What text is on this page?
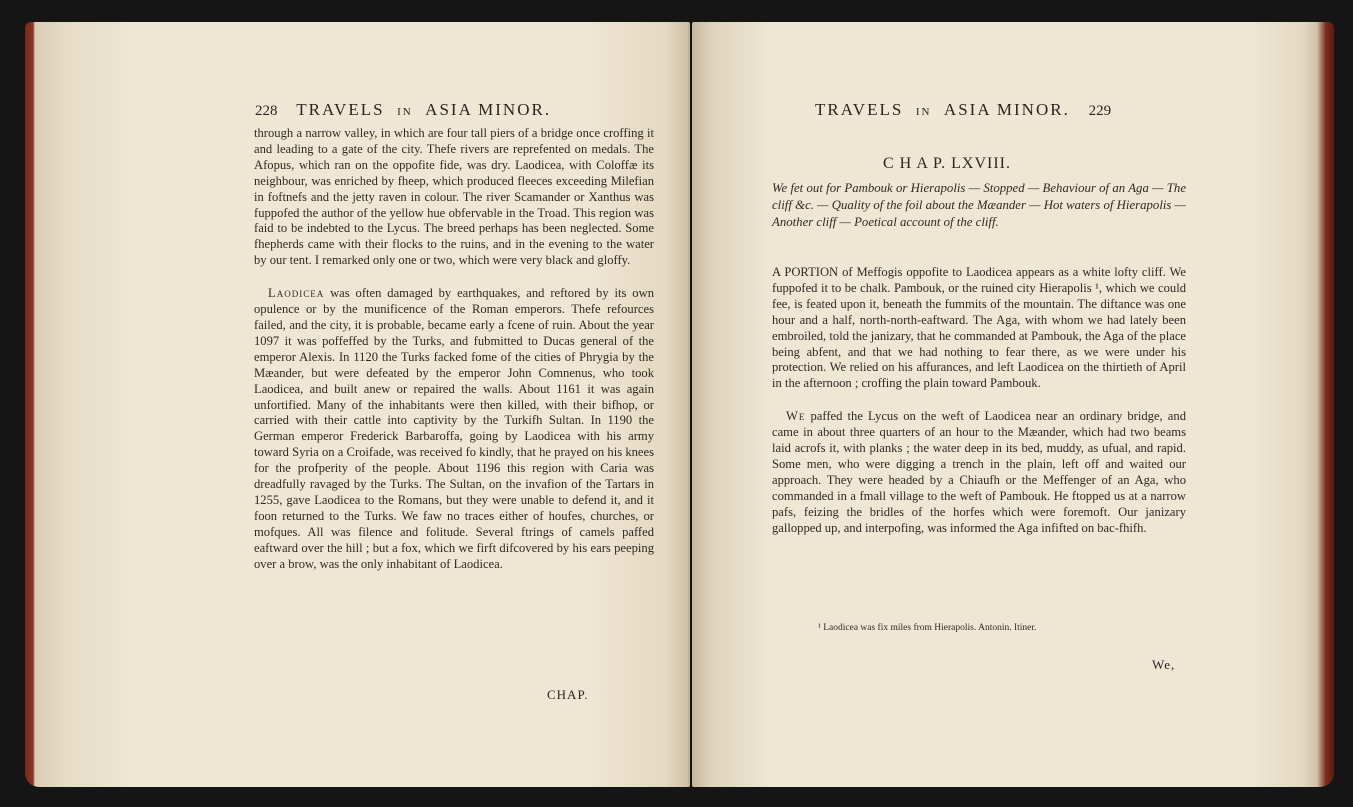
228 TRAVELS IN ASIA MINOR.

through a narrow valley, in which are four tall piers of a bridge once croffing it and leading to a gate of the city. Thefe rivers are reprefented on medals. The Afopus, which ran on the oppofite fide, was dry. Laodicea, with Coloffæ its neighbour, was enriched by fheep, which produced fleeces exceeding Milefian in foftnefs and the jetty raven in colour. The river Scamander or Xanthus was fuppofed the author of the yellow hue obfervable in the Troad. This region was faid to be indebted to the Lycus. The breed perhaps has been neglected. Some fhepherds came with their flocks to the ruins, and in the evening to the water by our tent. I remarked only one or two, which were very black and gloffy.

Laodicea was often damaged by earthquakes, and reftored by its own opulence or by the munificence of the Roman emperors. Thefe refources failed, and the city, it is probable, became early a fcene of ruin. About the year 1097 it was poffeffed by the Turks, and fubmitted to Ducas general of the emperor Alexis. In 1120 the Turks facked fome of the cities of Phrygia by the Mæander, but were defeated by the emperor John Comnenus, who took Laodicea, and built anew or repaired the walls. About 1161 it was again unfortified. Many of the inhabitants were then killed, with their bifhop, or carried with their cattle into captivity by the Turkifh Sultan. In 1190 the German emperor Frederick Barbaroffa, going by Laodicea with his army toward Syria on a Croifade, was received fo kindly, that he prayed on his knees for the profperity of the people. About 1196 this region with Caria was dreadfully ravaged by the Turks. The Sultan, on the invafion of the Tartars in 1255, gave Laodicea to the Romans, but they were unable to defend it, and it foon returned to the Turks. We faw no traces either of houfes, churches, or mofques. All was filence and folitude. Several ftrings of camels paffed eaftward over the hill ; but a fox, which we firft difcovered by his ears peeping over a brow, was the only inhabitant of Laodicea.

CHAP.
TRAVELS IN ASIA MINOR. 229
C H A P. LXVIII.
We fet out for Pambouk or Hierapolis — Stopped — Behaviour of an Aga — The cliff &c. — Quality of the foil about the Mæander — Hot waters of Hierapolis — Another cliff — Poetical account of the cliff.

A PORTION of Meffogis oppofite to Laodicea appears as a white lofty cliff. We fuppofed it to be chalk. Pambouk, or the ruined city Hierapolis ¹, which we could fee, is feated upon it, beneath the fummits of the mountain. The diftance was one hour and a half, north-north-eaftward. The Aga, with whom we had lately been embroiled, told the janizary, that he commanded at Pambouk, the Aga of the place being abfent, and that we had nothing to fear there, as we were under his protection. We relied on his affurances, and left Laodicea on the thirtieth of April in the afternoon ; croffing the plain toward Pambouk.

We paffed the Lycus on the weft of Laodicea near an ordinary bridge, and came in about three quarters of an hour to the Mæander, which had two beams laid acrofs it, with planks ; the water deep in its bed, muddy, as ufual, and rapid. Some men, who were digging a trench in the plain, left off and waited our approach. They were headed by a Chiaufh or the Meffenger of an Aga, who commanded in a fmall village to the weft of Pambouk. He ftopped us at a narrow pafs, feizing the bridles of the horfes which were foremoft. Our janizary gallopped up, and interpofing, was informed the Aga infifted on bac-fhifh.

¹ Laodicea was fix miles from Hierapolis. Antonin. Itiner.
We,
